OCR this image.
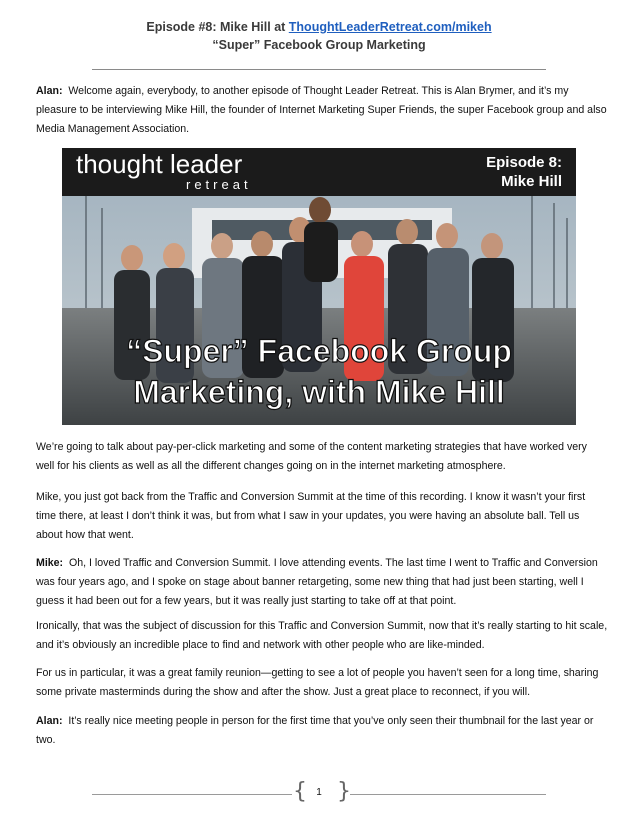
Episode #8: Mike Hill at ThoughtLeaderRetreat.com/mikeh
“Super” Facebook Group Marketing

Alan: Welcome again, everybody, to another episode of Thought Leader Retreat. This is Alan Brymer, and it’s my pleasure to be interviewing Mike Hill, the founder of Internet Marketing Super Friends, the super Facebook group and also Media Management Association.

thought leader
retreat
Episode 8:
Mike Hill
“Super” Facebook Group
Marketing, with Mike Hill

We’re going to talk about pay-per-click marketing and some of the content marketing strategies that have worked very well for his clients as well as all the different changes going on in the internet marketing atmosphere.

Mike, you just got back from the Traffic and Conversion Summit at the time of this recording. I know it wasn’t your first time there, at least I don’t think it was, but from what I saw in your updates, you were having an absolute ball. Tell us about how that went.

Mike: Oh, I loved Traffic and Conversion Summit. I love attending events. The last time I went to Traffic and Conversion was four years ago, and I spoke on stage about banner retargeting, some new thing that had just been starting, well I guess it had been out for a few years, but it was really just starting to take off at that point.

Ironically, that was the subject of discussion for this Traffic and Conversion Summit, now that it’s really starting to hit scale, and it’s obviously an incredible place to find and network with other people who are like-minded.

For us in particular, it was a great family reunion—getting to see a lot of people you haven’t seen for a long time, sharing some private masterminds during the show and after the show. Just a great place to reconnect, if you will.

Alan: It’s really nice meeting people in person for the first time that you’ve only seen their thumbnail for the last year or two.

{ 1 }
